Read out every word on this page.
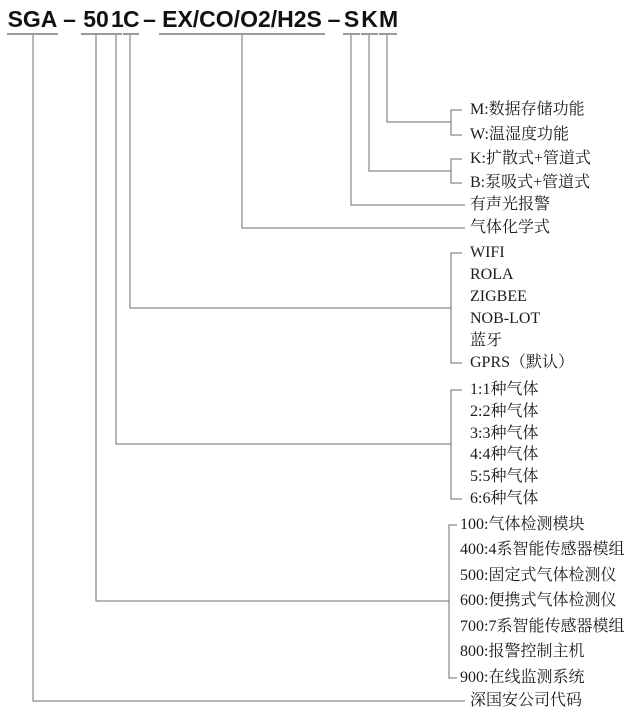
SGA – 50 1 C – EX/CO/O2/H2S – S K M
M:数据存储功能
W:温湿度功能
K:扩散式+管道式
B:泵吸式+管道式
有声光报警
气体化学式
WIFI
ROLA
ZIGBEE
NOB-LOT
蓝牙
GPRS（默认）
1:1种气体
2:2种气体
3:3种气体
4:4种气体
5:5种气体
6:6种气体
100:气体检测模块
400:4系智能传感器模组
500:固定式气体检测仪
600:便携式气体检测仪
700:7系智能传感器模组
800:报警控制主机
900:在线监测系统
深国安公司代码
